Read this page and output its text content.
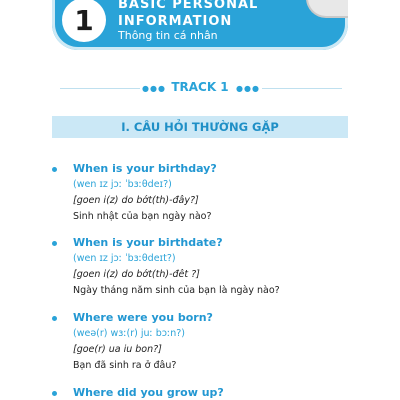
1	BASIC PERSONAL
INFORMATION
Thông tin cá nhân
●●● TRACK 1 ●●●
I. CÂU HỎI THƯỜNG GẶP
When is your birthday?
(wen ɪz jɔː ˈbɜːθdeɪ?)
[goen i(z) do bớt(th)-đây?]
Sinh nhật của bạn ngày nào?
When is your birthdate?
(wen ɪz jɔː ˈbɜːθdeɪt?)
[goen i(z) do bớt(th)-đêt ?]
Ngày tháng năm sinh của bạn là ngày nào?
Where were you born?
(weə(r) wɜː(r) juː bɔːn?)
[goe(r) ua iu bon?]
Bạn đã sinh ra ở đâu?
Where did you grow up?
